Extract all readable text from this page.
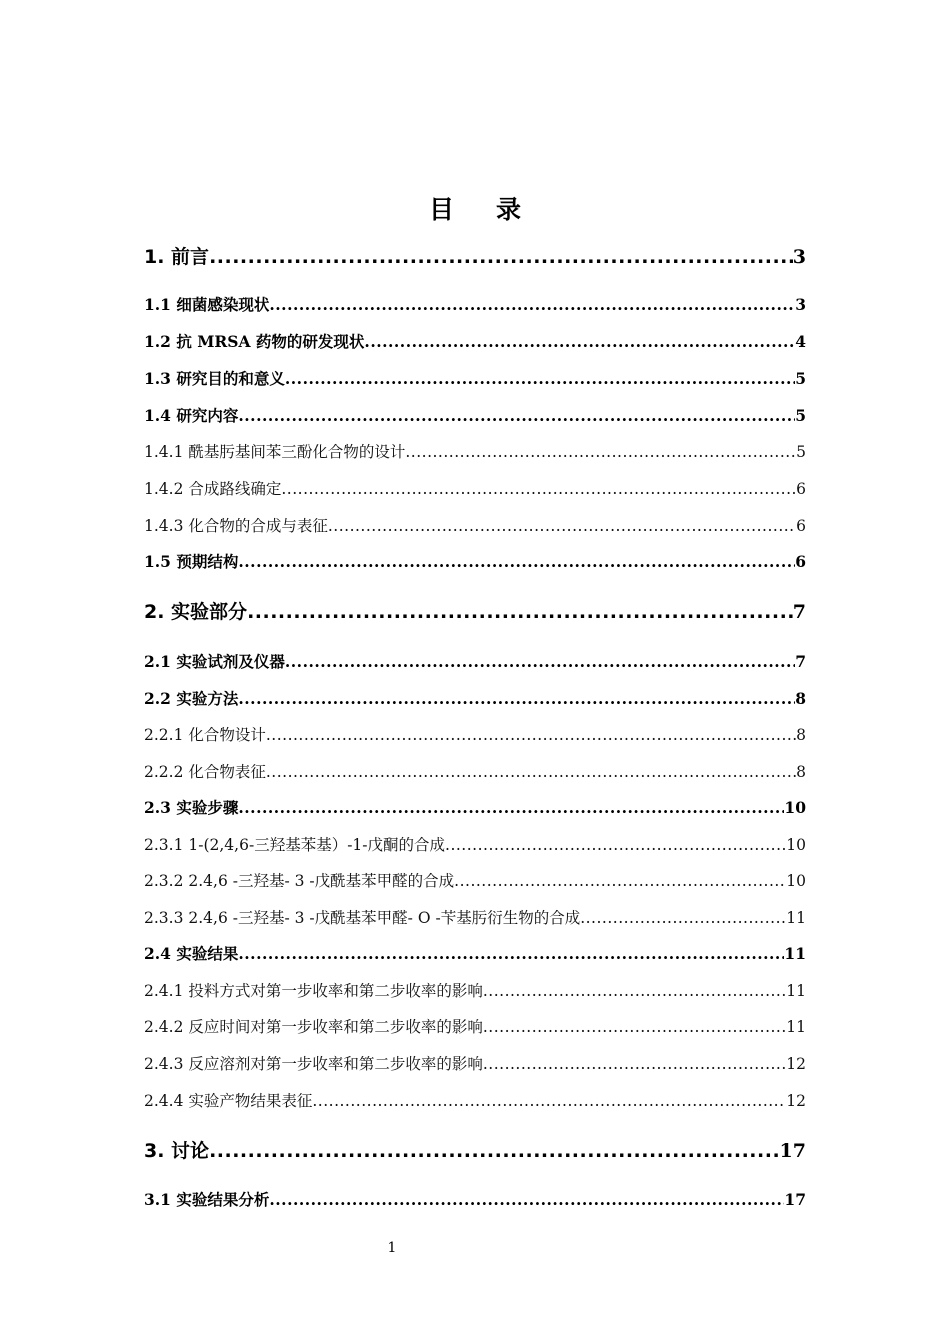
目录
1. 前言 .....	3
1.1 细菌感染现状 .....	3
1.2 抗 MRSA 药物的研发现状 .....	4
1.3 研究目的和意义 .....	5
1.4 研究内容 .....	5
1.4.1 酰基肟基间苯三酚化合物的设计 .....	5
1.4.2 合成路线确定 .....	6
1.4.3 化合物的合成与表征 .....	6
1.5 预期结构 .....	6
2. 实验部分 .....	7
2.1 实验试剂及仪器 .....	7
2.2 实验方法 .....	8
2.2.1 化合物设计 .....	8
2.2.2 化合物表征 .....	8
2.3 实验步骤 .....	10
2.3.1 1-(2,4,6-三羟基苯基）-1-戊酮的合成 .....	10
2.3.2 2.4,6 -三羟基- 3 -戊酰基苯甲醛的合成 .....	10
2.3.3 2.4,6 -三羟基- 3 -戊酰基苯甲醛- O -苄基肟衍生物的合成 .....	11
2.4 实验结果 .....	11
2.4.1 投料方式对第一步收率和第二步收率的影响 .....	11
2.4.2 反应时间对第一步收率和第二步收率的影响 .....	11
2.4.3 反应溶剂对第一步收率和第二步收率的影响 .....	12
2.4.4 实验产物结果表征 .....	12
3. 讨论 .....	17
3.1 实验结果分析 .....	17
1
